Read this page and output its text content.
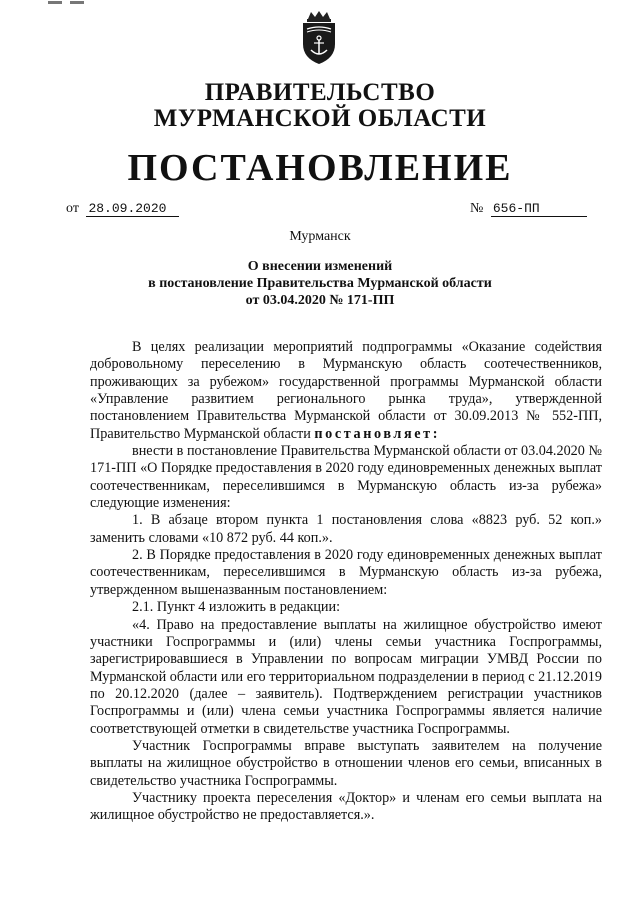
ПРАВИТЕЛЬСТВО
МУРМАНСКОЙ ОБЛАСТИ
ПОСТАНОВЛЕНИЕ
от 28.09.2020	№ 656-ПП
Мурманск
О внесении изменений
в постановление Правительства Мурманской области
от 03.04.2020 № 171-ПП

В целях реализации мероприятий подпрограммы «Оказание содействия добровольному переселению в Мурманскую область соотечественников, проживающих за рубежом» государственной программы Мурманской области «Управление развитием регионального рынка труда», утвержденной постановлением Правительства Мурманской области от 30.09.2013 № 552-ПП, Правительство Мурманской области постановляет:

внести в постановление Правительства Мурманской области от 03.04.2020 № 171-ПП «О Порядке предоставления в 2020 году единовременных денежных выплат соотечественникам, переселившимся в Мурманскую область из-за рубежа» следующие изменения:

1. В абзаце втором пункта 1 постановления слова «8823 руб. 52 коп.» заменить словами «10 872 руб. 44 коп.».

2. В Порядке предоставления в 2020 году единовременных денежных выплат соотечественникам, переселившимся в Мурманскую область из-за рубежа, утвержденном вышеназванным постановлением:

2.1. Пункт 4 изложить в редакции:

«4. Право на предоставление выплаты на жилищное обустройство имеют участники Госпрограммы и (или) члены семьи участника Госпрограммы, зарегистрировавшиеся в Управлении по вопросам миграции УМВД России по Мурманской области или его территориальном подразделении в период с 21.12.2019 по 20.12.2020 (далее – заявитель). Подтверждением регистрации участников Госпрограммы и (или) члена семьи участника Госпрограммы является наличие соответствующей отметки в свидетельстве участника Госпрограммы.

Участник Госпрограммы вправе выступать заявителем на получение выплаты на жилищное обустройство в отношении членов его семьи, вписанных в свидетельство участника Госпрограммы.

Участнику проекта переселения «Доктор» и членам его семьи выплата на жилищное обустройство не предоставляется.».
